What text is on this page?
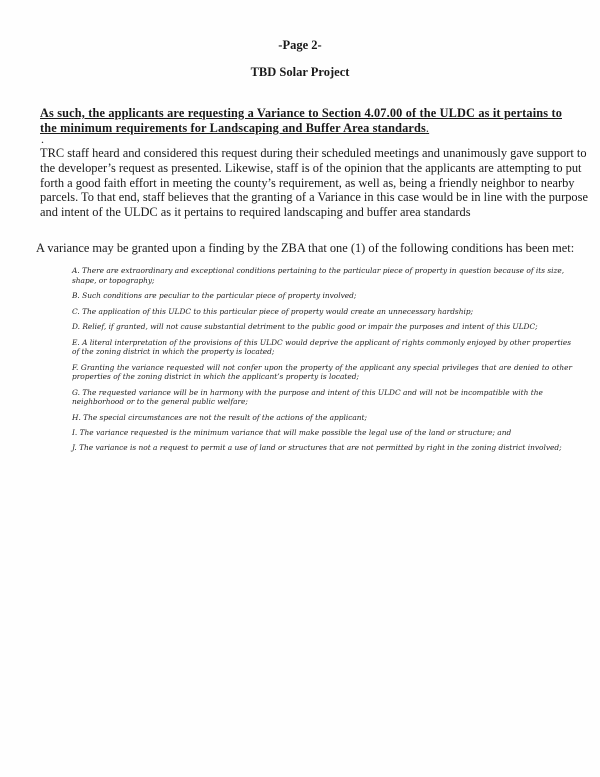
-Page 2-
TBD Solar Project
As such, the applicants are requesting a Variance to Section 4.07.00 of the ULDC as it pertains to the minimum requirements for Landscaping and Buffer Area standards.
.
TRC staff heard and considered this request during their scheduled meetings and unanimously gave support to
the developer’s request as presented. Likewise, staff is of the opinion that the applicants are attempting to put
forth a good faith effort in meeting the county’s requirement, as well as, being a friendly neighbor to nearby
parcels. To that end, staff believes that the granting of a Variance in this case would be in line with the purpose
and intent of the ULDC as it pertains to required landscaping and buffer area standards
A variance may be granted upon a finding by the ZBA that one (1) of the following conditions has been met:
A. There are extraordinary and exceptional conditions pertaining to the particular piece of property in question because of its size, shape, or topography;
B. Such conditions are peculiar to the particular piece of property involved;
C. The application of this ULDC to this particular piece of property would create an unnecessary hardship;
D. Relief, if granted, will not cause substantial detriment to the public good or impair the purposes and intent of this ULDC;
E. A literal interpretation of the provisions of this ULDC would deprive the applicant of rights commonly enjoyed by other properties of the zoning district in which the property is located;
F. Granting the variance requested will not confer upon the property of the applicant any special privileges that are denied to other properties of the zoning district in which the applicant’s property is located;
G. The requested variance will be in harmony with the purpose and intent of this ULDC and will not be incompatible with the neighborhood or to the general public welfare;
H. The special circumstances are not the result of the actions of the applicant;
I. The variance requested is the minimum variance that will make possible the legal use of the land or structure; and
J. The variance is not a request to permit a use of land or structures that are not permitted by right in the zoning district involved;
